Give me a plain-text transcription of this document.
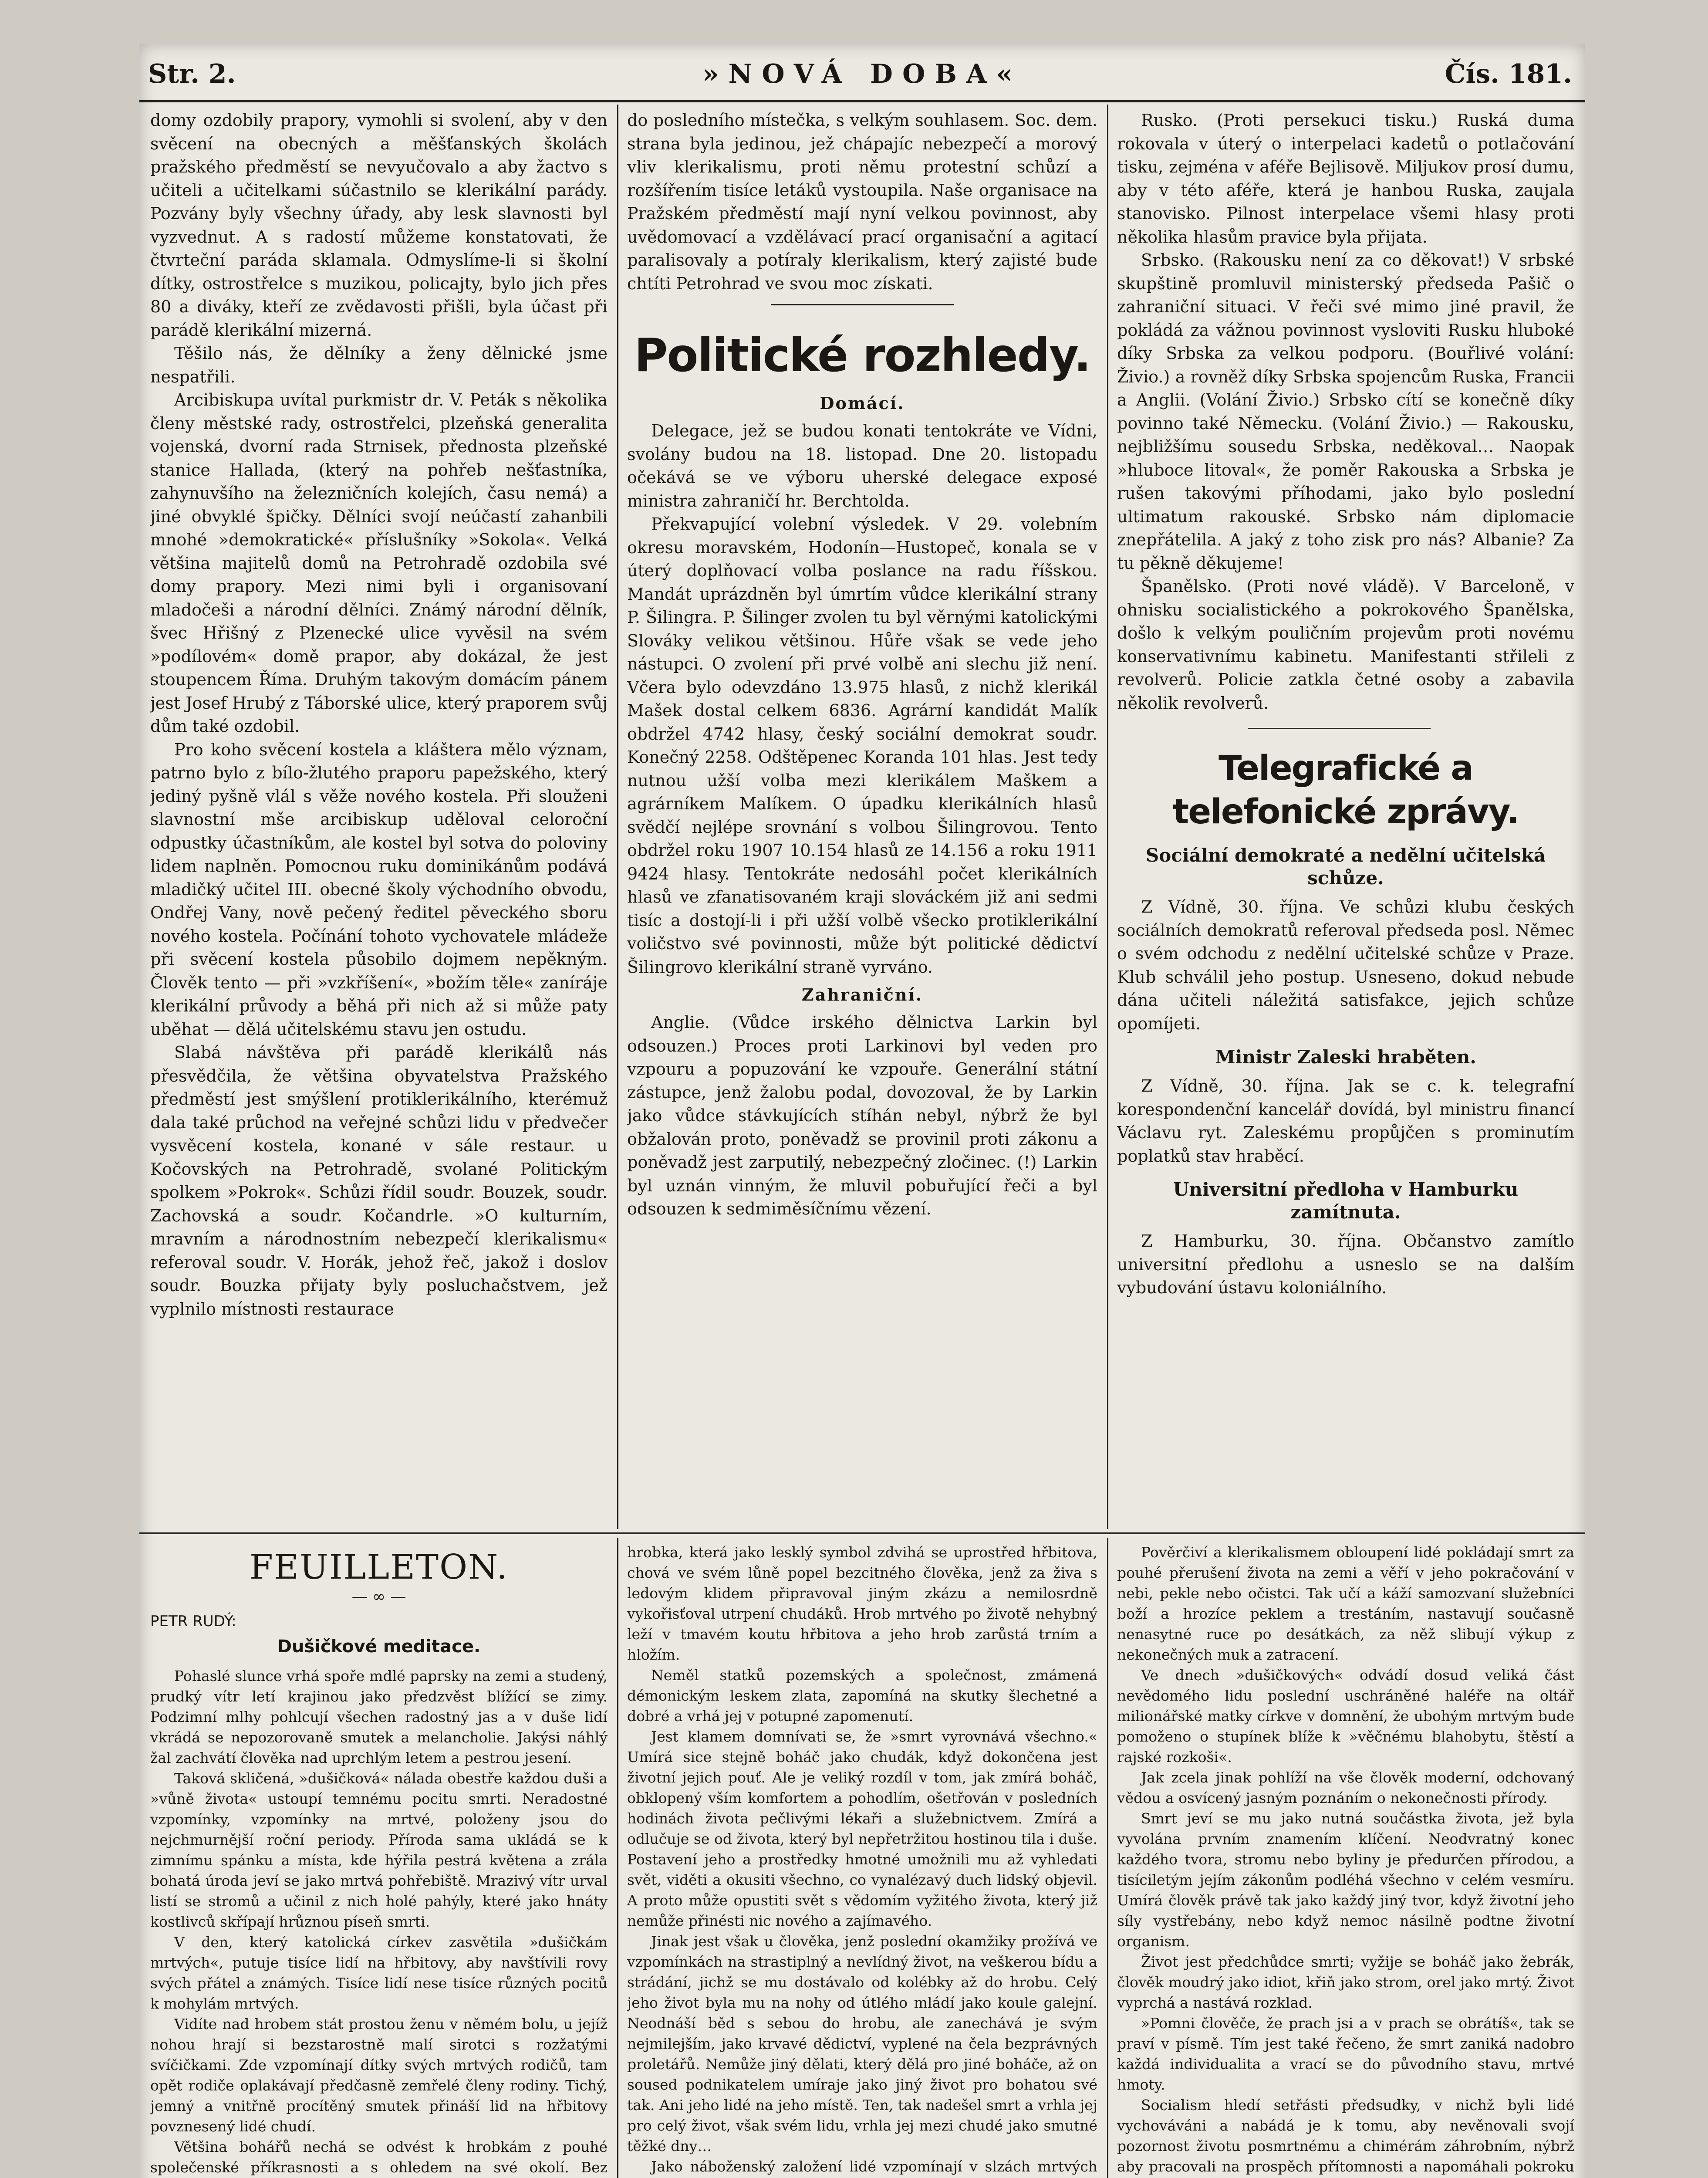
»NOVÁ DOBA«
Str. 2.	Čís. 181.

domy ozdobily prapory, vymohli si svolení, aby v den svěcení na obecných a měšťanských školách pražského předměstí se nevyučovalo a aby žactvo s učiteli a učitelkami súčastnilo se klerikální parády. Pozvány byly všechny úřady, aby lesk slavnosti byl vyzvednut. A s radostí můžeme konstatovati, že čtvrteční paráda sklamala. Odmyslíme-li si školní dítky, ostrostřelce s muzikou, policajty, bylo jich přes 80 a diváky, kteří ze zvědavosti přišli, byla účast při parádě klerikální mizerná.

Těšilo nás, že dělníky a ženy dělnické jsme nespatřili.

Arcibiskupa uvítal purkmistr dr. V. Peták s několika členy městské rady, ostrostřelci, plzeňská generalita vojenská, dvorní rada Strnisek, přednosta plzeňské stanice Hallada, (který na pohřeb nešťastníka, zahynuvšího na železničních kolejích, času nemá) a jiné obvyklé špičky. Dělníci svojí neúčastí zahanbili mnohé »demokratické« příslušníky »Sokola«. Velká většina majitelů domů na Petrohradě ozdobila své domy prapory. Mezi nimi byli i organisovaní mladočeši a národní dělníci. Známý národní dělník, švec Hřišný z Plzenecké ulice vyvěsil na svém »podílovém« domě prapor, aby dokázal, že jest stoupencem Říma. Druhým takovým domácím pánem jest Josef Hrubý z Táborské ulice, který praporem svůj dům také ozdobil.

Pro koho svěcení kostela a kláštera mělo význam, patrno bylo z bílo-žlutého praporu papežského, který jediný pyšně vlál s věže nového kostela. Při slouženi slavnostní mše arcibiskup uděloval celoroční odpustky účastníkům, ale kostel byl sotva do poloviny lidem naplněn. Pomocnou ruku dominikánům podává mladičký učitel III. obecné školy východního obvodu, Ondřej Vany, nově pečený ředitel pěveckého sboru nového kostela. Počínání tohoto vychovatele mládeže při svěcení kostela působilo dojmem nepěkným. Člověk tento — při »vzkříšení«, »božím těle« zaníráje klerikální průvody a běhá při nich až si může paty uběhat — dělá učitelskému stavu jen ostudu.

Slabá návštěva při parádě klerikálů nás přesvědčila, že většina obyvatelstva Pražského předměstí jest smýšlení protiklerikálního, kterémuž dala také průchod na veřejné schůzi lidu v předvečer vysvěcení kostela, konané v sále restaur. u Kočovských na Petrohradě, svolané Politickým spolkem »Pokrok«. Schůzi řídil soudr. Bouzek, soudr. Zachovská a soudr. Kočandrle. »O kulturním, mravním a národnostním nebezpečí klerikalismu« referoval soudr. V. Horák, jehož řeč, jakož i doslov soudr. Bouzka přijaty byly posluchačstvem, jež vyplnilo místnosti restaurace

do posledního místečka, s velkým souhlasem. Soc. dem. strana byla jedinou, jež chápajíc nebezpečí a morový vliv klerikalismu, proti němu protestní schůzí a rozšířením tisíce letáků vystoupila. Naše organisace na Pražském předměstí mají nyní velkou povinnost, aby uvědomovací a vzdělávací prací organisační a agitací paralisovaly a potíraly klerikalism, který zajisté bude chtíti Petrohrad ve svou moc získati.

Politické rozhledy.
Domácí.

Delegace, jež se budou konati tentokráte ve Vídni, svolány budou na 18. listopad. Dne 20. listopadu očekává se ve výboru uherské delegace exposé ministra zahraničí hr. Berchtolda.

Překvapující volební výsledek. V 29. volebním okresu moravském, Hodonín—Hustopeč, konala se v úterý doplňovací volba poslance na radu říšskou. Mandát uprázdněn byl úmrtím vůdce klerikální strany P. Šilingra. P. Šilinger zvolen tu byl věrnými katolickými Slováky velikou většinou. Hůře však se vede jeho nástupci. O zvolení při prvé volbě ani slechu již není. Včera bylo odevzdáno 13.975 hlasů, z nichž klerikál Mašek dostal celkem 6836. Agrární kandidát Malík obdržel 4742 hlasy, český sociální demokrat soudr. Konečný 2258. Odštěpenec Koranda 101 hlas. Jest tedy nutnou užší volba mezi klerikálem Maškem a agrárníkem Malíkem. O úpadku klerikálních hlasů svědčí nejlépe srovnání s volbou Šilingrovou. Tento obdržel roku 1907 10.154 hlasů ze 14.156 a roku 1911 9424 hlasy. Tentokráte nedosáhl počet klerikálních hlasů ve zfanatisovaném kraji slováckém již ani sedmi tisíc a dostojí-li i při užší volbě všecko protiklerikální voličstvo své povinnosti, může být politické dědictví Šilingrovo klerikální straně vyrváno.

Zahraniční.

Anglie. (Vůdce irského dělnictva Larkin byl odsouzen.) Proces proti Larkinovi byl veden pro vzpouru a popuzování ke vzpouře. Generální státní zástupce, jenž žalobu podal, dovozoval, že by Larkin jako vůdce stávkujících stíhán nebyl, nýbrž že byl obžalován proto, poněvadž se provinil proti zákonu a poněvadž jest zarputilý, nebezpečný zločinec. (!) Larkin byl uznán vinným, že mluvil pobuřující řeči a byl odsouzen k sedmiměsíčnímu vězení.

Rusko. (Proti persekuci tisku.) Ruská duma rokovala v úterý o interpelaci kadetů o potlačování tisku, zejména v aféře Bejlisově. Miljukov prosí dumu, aby v této aféře, která je hanbou Ruska, zaujala stanovisko. Pilnost interpelace všemi hlasy proti několika hlasům pravice byla přijata.

Srbsko. (Rakousku není za co děkovat!) V srbské skupštině promluvil ministerský předseda Pašič o zahraniční situaci. V řeči své mimo jiné pravil, že pokládá za vážnou povinnost vysloviti Rusku hluboké díky Srbska za velkou podporu. (Bouřlivé volání: Živio.) a rovněž díky Srbska spojencům Ruska, Francii a Anglii. (Volání Živio.) Srbsko cítí se konečně díky povinno také Německu. (Volání Živio.) — Rakousku, nejbližšímu sousedu Srbska, neděkoval… Naopak »hluboce litoval«, že poměr Rakouska a Srbska je rušen takovými příhodami, jako bylo poslední ultimatum rakouské. Srbsko nám diplomacie znepřátelila. A jaký z toho zisk pro nás? Albanie? Za tu pěkně děkujeme!

Španělsko. (Proti nové vládě). V Barceloně, v ohnisku socialistického a pokrokového Španělska, došlo k velkým pouličním projevům proti novému konservativnímu kabinetu. Manifestanti střileli z revolverů. Policie zatkla četné osoby a zabavila několik revolverů.

Telegrafické a telefonické zprávy.
Sociální demokraté a nedělní učitelská schůze.

Z Vídně, 30. října. Ve schůzi klubu českých sociálních demokratů referoval předseda posl. Němec o svém odchodu z nedělní učitelské schůze v Praze. Klub schválil jeho postup. Usneseno, dokud nebude dána učiteli náležitá satisfakce, jejich schůze opomíjeti.

Ministr Zaleski hraběten.

Z Vídně, 30. října. Jak se c. k. telegrafní korespondenční kancelář dovídá, byl ministru financí Václavu ryt. Zaleskému propůjčen s prominutím poplatků stav hraběcí.

Universitní předloha v Hamburku zamítnuta.

Z Hamburku, 30. října. Občanstvo zamítlo universitní předlohu a usneslo se na dalším vybudování ústavu koloniálního.

FEUILLETON.
— ∞ —
PETR RUDÝ:
Dušičkové meditace.

Pohaslé slunce vrhá spoře mdlé paprsky na zemi a studený, prudký vítr letí krajinou jako předzvěst blížící se zimy. Podzimní mlhy pohlcují všechen radostný jas a v duše lidí vkrádá se nepozorovaně smutek a melancholie. Jakýsi náhlý žal zachvátí člověka nad uprchlým letem a pestrou jesení.

Taková skličená, »dušičková« nálada obestře každou duši a »vůně života« ustoupí temnému pocitu smrti. Neradostné vzpomínky, vzpomínky na mrtvé, položeny jsou do nejchmurnější roční periody. Příroda sama ukládá se k zimnímu spánku a místa, kde hýřila pestrá květena a zrála bohatá úroda jeví se jako mrtvá pohřebiště. Mrazivý vítr urval listí se stromů a učinil z nich holé pahýly, které jako hnáty kostlivců skřípají hrůznou píseň smrti.

V den, který katolická církev zasvětila »dušičkám mrtvých«, putuje tisíce lidí na hřbitovy, aby navštívili rovy svých přátel a známých. Tisíce lidí nese tisíce různých pocitů k mohylám mrtvých.

Vidíte nad hrobem stát prostou ženu v němém bolu, u jejíž nohou hrají si bezstarostně malí sirotci s rozžatými svíčičkami. Zde vzpomínají dítky svých mrtvých rodičů, tam opět rodiče oplakávají předčasně zemřelé členy rodiny. Tichý, jemný a vnitřně procítěný smutek přináší lid na hřbitovy povznesený lidé chudí.

Většina bohářů nechá se odvést k hrobkám z pouhé společenské příkrasnosti a s ohledem na své okolí. Bez

hrobka, která jako lesklý symbol zdvihá se uprostřed hřbitova, chová ve svém lůně popel bezcitného člověka, jenž za živa s ledovým klidem připravoval jiným zkázu a nemilosrdně vykořisťoval utrpení chudáků. Hrob mrtvého po životě nehybný leží v tmavém koutu hřbitova a jeho hrob zarůstá trním a hložím.

Neměl statků pozemských a společnost, zmámená démonickým leskem zlata, zapomíná na skutky šlechetné a dobré a vrhá jej v potupné zapomenutí.

Jest klamem domnívati se, že »smrt vyrovnává všechno.« Umírá sice stejně boháč jako chudák, když dokončena jest životní jejich pouť. Ale je veliký rozdíl v tom, jak zmírá boháč, obklopený vším komfortem a pohodlím, ošetřován v posledních hodinách života pečlivými lékaři a služebnictvem. Zmírá a odlučuje se od života, který byl nepřetržitou hostinou tila i duše. Postavení jeho a prostředky hmotné umožnili mu až vyhledati svět, viděti a okusiti všechno, co vynalézavý duch lidský objevil. A proto může opustiti svět s vědomím vyžitého života, který již nemůže přinésti nic nového a zajímavého.

Jinak jest však u člověka, jenž poslední okamžiky prožívá ve vzpomínkách na strastiplný a nevlídný život, na veškerou bídu a strádání, jichž se mu dostávalo od kolébky až do hrobu. Celý jeho život byla mu na nohy od útlého mládí jako koule galejní. Neodnáší běd s sebou do hrobu, ale zanechává je svým nejmilejším, jako krvavé dědictví, vyplené na čela bezprávných proletářů. Nemůže jiný dělati, který dělá pro jiné boháče, až on soused podnikatelem umíraje jako jiný život pro bohatou své tak. Ani jeho lidé na jeho místě. Ten, tak nadešel smrt a vrhla jej pro celý život, však svém lidu, vrhla jej mezi chudé jako smutné těžké dny…

Jako náboženský založení lidé vzpomínají v slzách mrtvých

Pověrčiví a klerikalismem obloupení lidé pokládají smrt za pouhé přerušení života na zemi a věří v jeho pokračování v nebi, pekle nebo očistci. Tak učí a káží samozvaní služebníci boží a hrozíce peklem a trestáním, nastavují současně nenasytné ruce po desátkách, za něž slibují výkup z nekonečných muk a zatracení.

Ve dnech »dušičkových« odvádí dosud veliká část nevědomého lidu poslední uschráněné haléře na oltář milionářské matky církve v domnění, že ubohým mrtvým bude pomoženo o stupínek blíže k »věčnému blahobytu, štěstí a rajské rozkoši«.

Jak zcela jinak pohlíží na vše člověk moderní, odchovaný vědou a osvícený jasným poznáním o nekonečnosti přírody.

Smrt jeví se mu jako nutná součástka života, jež byla vyvolána prvním znamením klíčení. Neodvratný konec každého tvora, stromu nebo byliny je předurčen přírodou, a tisíciletým jejím zákonům podléhá všechno v celém vesmíru. Umírá člověk právě tak jako každý jiný tvor, když životní jeho síly vystřebány, nebo když nemoc násilně podtne životní organism.

Život jest předchůdce smrti; vyžije se boháč jako žebrák, člověk moudrý jako idiot, křiň jako strom, orel jako mrtý. Život vyprchá a nastává rozklad.

»Pomni člověče, že prach jsi a v prach se obrátíš«, tak se praví v písmě. Tím jest také řečeno, že smrt zaniká nadobro každá individualita a vrací se do původního stavu, mrtvé hmoty.

Socialism hledí setřásti předsudky, v nichž byli lidé vychováváni a nabádá je k tomu, aby nevěnovali svojí pozornost životu posmrtnému a chimérám záhrobním, nýbrž aby pracovali na prospěch přítomnosti a napomáhali pokroku
